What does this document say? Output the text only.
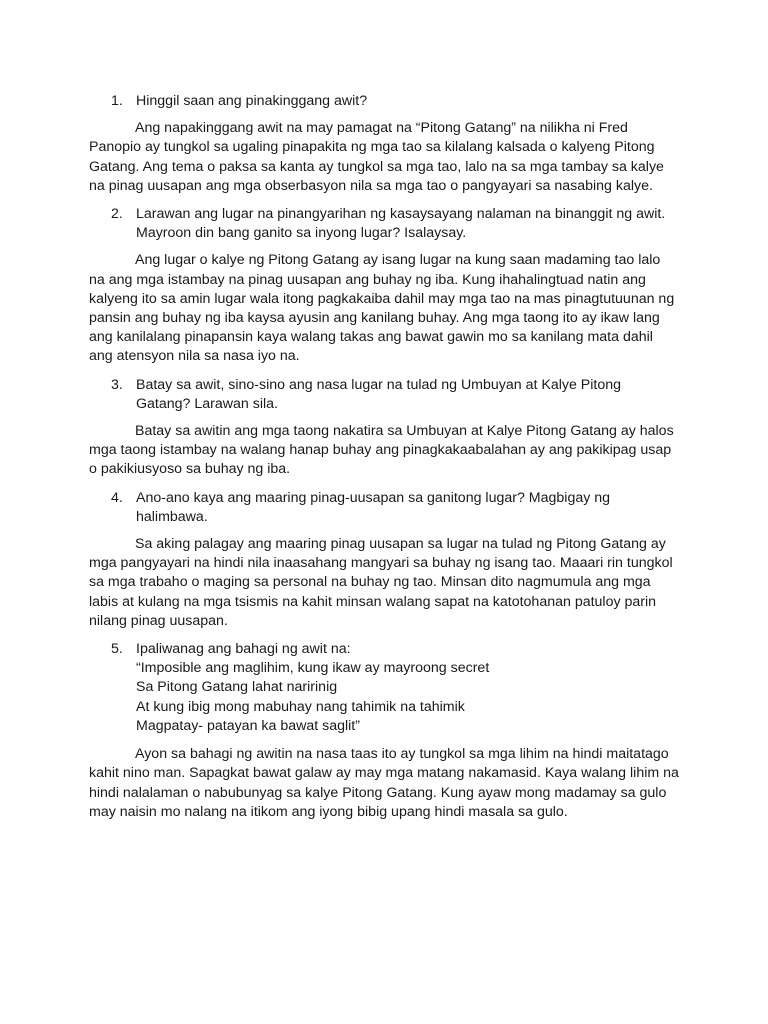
1. Hinggil saan ang pinakinggang awit?

Ang napakinggang awit na may pamagat na “Pitong Gatang” na nilikha ni Fred Panopio ay tungkol sa ugaling pinapakita ng mga tao sa kilalang kalsada o kalyeng Pitong Gatang. Ang tema o paksa sa kanta ay tungkol sa mga tao, lalo na sa mga tambay sa kalye na pinag uusapan ang mga obserbasyon nila sa mga tao o pangyayari sa nasabing kalye.

2. Larawan ang lugar na pinangyarihan ng kasaysayang nalaman na binanggit ng awit. Mayroon din bang ganito sa inyong lugar? Isalaysay.

Ang lugar o kalye ng Pitong Gatang ay isang lugar na kung saan madaming tao lalo na ang mga istambay na pinag uusapan ang buhay ng iba. Kung ihahalingtuad natin ang kalyeng ito sa amin lugar wala itong pagkakaiba dahil may mga tao na mas pinagtutuunan ng pansin ang buhay ng iba kaysa ayusin ang kanilang buhay. Ang mga taong ito ay ikaw lang ang kanilalang pinapansin kaya walang takas ang bawat gawin mo sa kanilang mata dahil ang atensyon nila sa nasa iyo na.

3. Batay sa awit, sino-sino ang nasa lugar na tulad ng Umbuyan at Kalye Pitong Gatang? Larawan sila.

Batay sa awitin ang mga taong nakatira sa Umbuyan at Kalye Pitong Gatang ay halos mga taong istambay na walang hanap buhay ang pinagkakaabalahan ay ang pakikipag usap o pakikiusyoso sa buhay ng iba.

4. Ano-ano kaya ang maaring pinag-uusapan sa ganitong lugar? Magbigay ng halimbawa.

Sa aking palagay ang maaring pinag uusapan sa lugar na tulad ng Pitong Gatang ay mga pangyayari na hindi nila inaasahang mangyari sa buhay ng isang tao. Maaari rin tungkol sa mga trabaho o maging sa personal na buhay ng tao. Minsan dito nagmumula ang mga labis at kulang na mga tsismis na kahit minsan walang sapat na katotohanan patuloy parin nilang pinag uusapan.

5. Ipaliwanag ang bahagi ng awit na:
“Imposible ang maglihim, kung ikaw ay mayroong secret
Sa Pitong Gatang lahat naririnig
At kung ibig mong mabuhay nang tahimik na tahimik
Magpatay- patayan ka bawat saglit”

Ayon sa bahagi ng awitin na nasa taas ito ay tungkol sa mga lihim na hindi maitatago kahit nino man. Sapagkat bawat galaw ay may mga matang nakamasid. Kaya walang lihim na hindi nalalaman o nabubunyag sa kalye Pitong Gatang. Kung ayaw mong madamay sa gulo may naisin mo nalang na itikom ang iyong bibig upang hindi masala sa gulo.
